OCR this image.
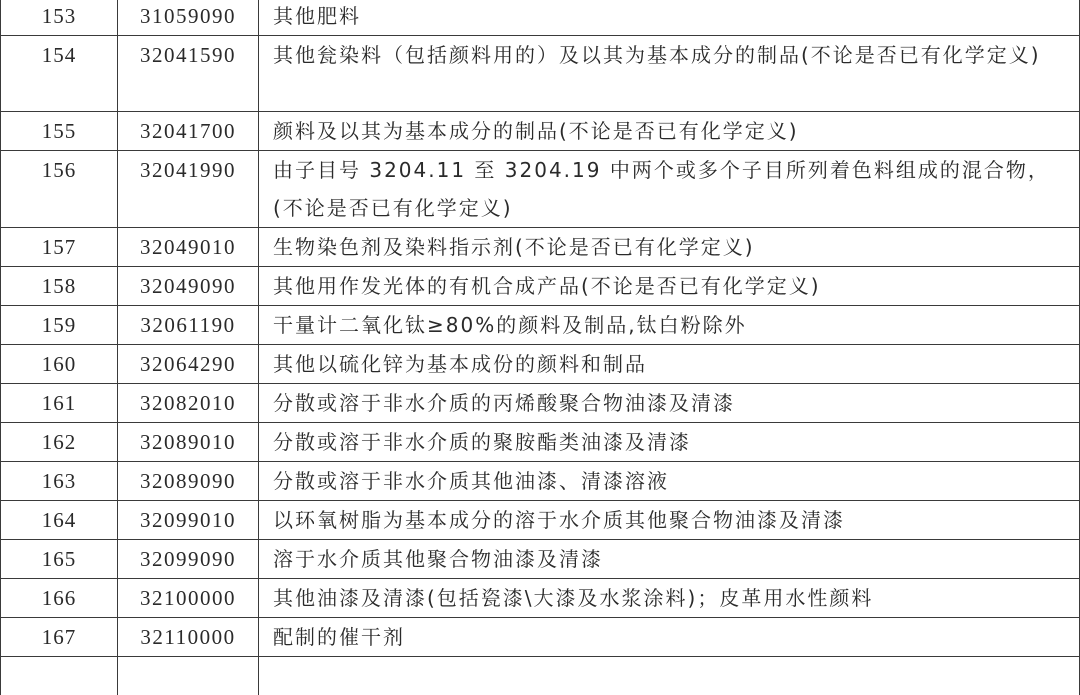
153	31059090	其他肥料
154	32041590	其他瓮染料（包括颜料用的）及以其为基本成分的制品(不论是否已有化学定义)
155	32041700	颜料及以其为基本成分的制品(不论是否已有化学定义)
156	32041990	由子目号 3204.11 至 3204.19 中两个或多个子目所列着色料组成的混合物，(不论是否已有化学定义)
157	32049010	生物染色剂及染料指示剂(不论是否已有化学定义)
158	32049090	其他用作发光体的有机合成产品(不论是否已有化学定义)
159	32061190	干量计二氧化钛≥80%的颜料及制品,钛白粉除外
160	32064290	其他以硫化锌为基本成份的颜料和制品
161	32082010	分散或溶于非水介质的丙烯酸聚合物油漆及清漆
162	32089010	分散或溶于非水介质的聚胺酯类油漆及清漆
163	32089090	分散或溶于非水介质其他油漆、清漆溶液
164	32099010	以环氧树脂为基本成分的溶于水介质其他聚合物油漆及清漆
165	32099090	溶于水介质其他聚合物油漆及清漆
166	32100000	其他油漆及清漆(包括瓷漆\大漆及水浆涂料)；皮革用水性颜料
167	32110000	配制的催干剂
